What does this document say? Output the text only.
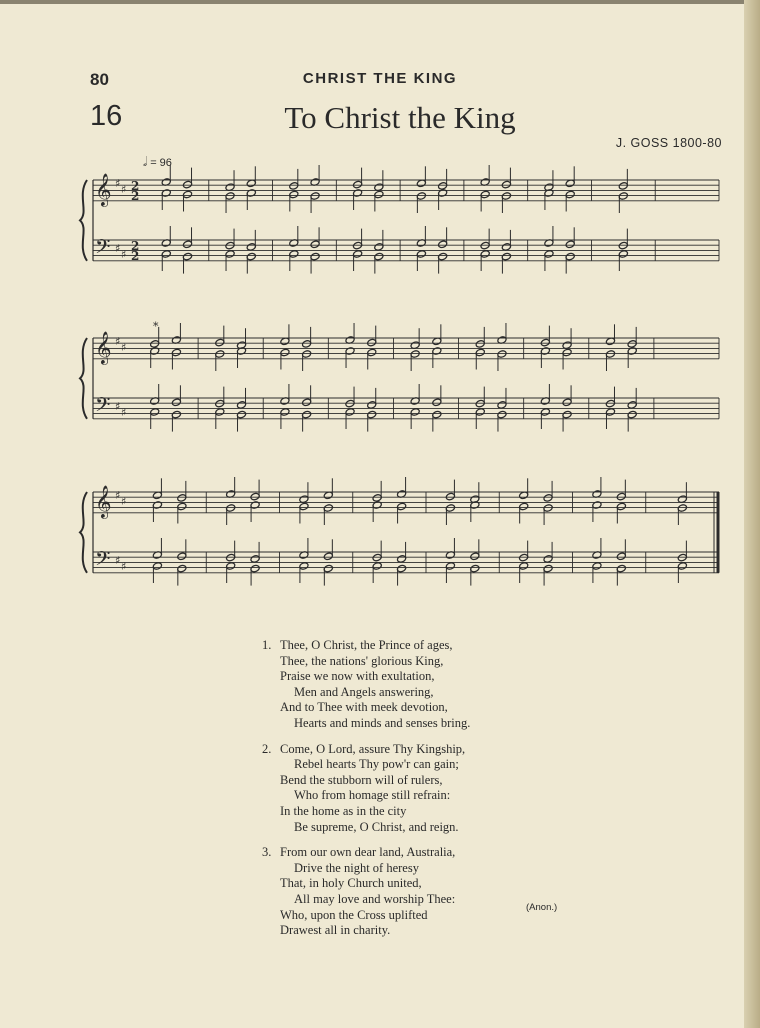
80	CHRIST THE KING
16	To Christ the King
J. GOSS 1800-80
𝅗𝅥 = 96
𝄞
𝄢
♯ ♯
♯ ♯
2
2
2
2
𝄞
𝄢
♯ ♯
♯ ♯
*
𝄞
𝄢
♯ ♯
♯ ♯
1. Thee, O Christ, the Prince of ages,
Thee, the nations' glorious King,
Praise we now with exultation,
Men and Angels answering,
And to Thee with meek devotion,
Hearts and minds and senses bring.
2. Come, O Lord, assure Thy Kingship,
Rebel hearts Thy pow'r can gain;
Bend the stubborn will of rulers,
Who from homage still refrain:
In the home as in the city
Be supreme, O Christ, and reign.
3. From our own dear land, Australia,
Drive the night of heresy
That, in holy Church united,
All may love and worship Thee:
Who, upon the Cross uplifted
Drawest all in charity.
(Anon.)
